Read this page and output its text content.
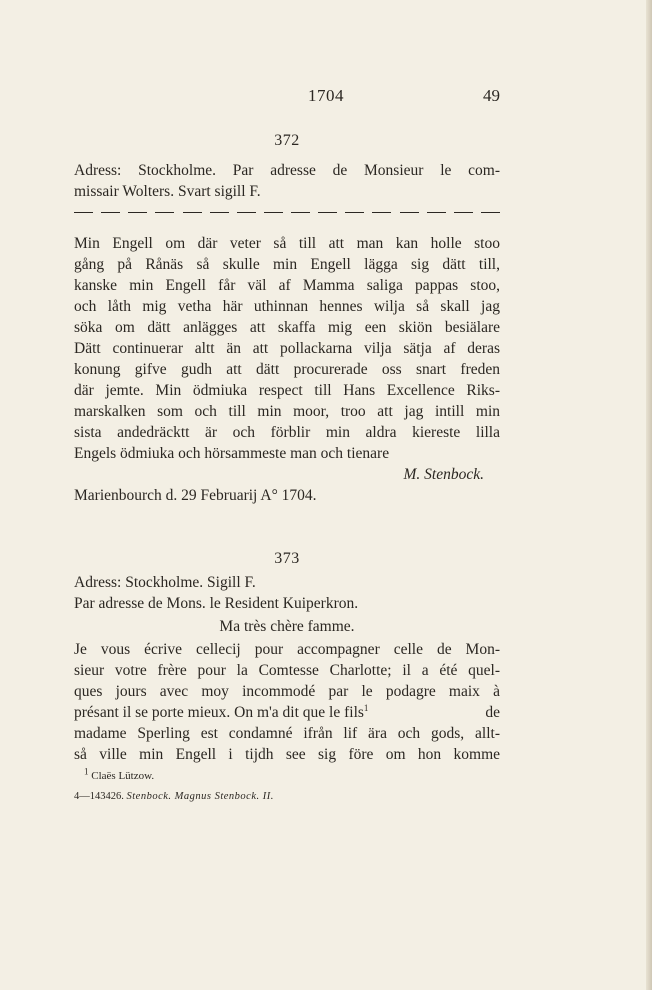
1704	49
372
Adress: Stockholme. Par adresse de Monsieur le com-
missair Wolters. Svart sigill F.
Min Engell om där veter så till att man kan holle stoo
gång på Rånäs så skulle min Engell lägga sig dätt till,
kanske min Engell får väl af Mamma saliga pappas stoo,
och låth mig vetha här uthinnan hennes wilja så skall jag
söka om dätt anlägges att skaffa mig een skiön besiälare
Dätt continuerar altt än att pollackarna vilja sätja af deras
konung gifve gudh att dätt procurerade oss snart freden
där jemte. Min ödmiuka respect till Hans Excellence Riks-
marskalken som och till min moor, troo att jag intill min
sista andedräcktt är och förblir min aldra kiereste lilla
Engels ödmiuka och hörsammeste man och tienare
M. Stenbock.
Marienbourch d. 29 Februarij A° 1704.
373
Adress: Stockholme. Sigill F.
Par adresse de Mons. le Resident Kuiperkron.
Ma très chère famme.
Je vous écrive cellecij pour accompagner celle de Mon-
sieur votre frère pour la Comtesse Charlotte; il a été quel-
ques jours avec moy incommodé par le podagre maix à
présant il se porte mieux. On m'a dit que le fils$^1$	de
madame Sperling est condamné ifrån lif ära och gods, allt-
så ville min Engell i tijdh see sig före om hon komme
$^1$ Claës Lützow.
4—143426. Stenbock. Magnus Stenbock. II.
